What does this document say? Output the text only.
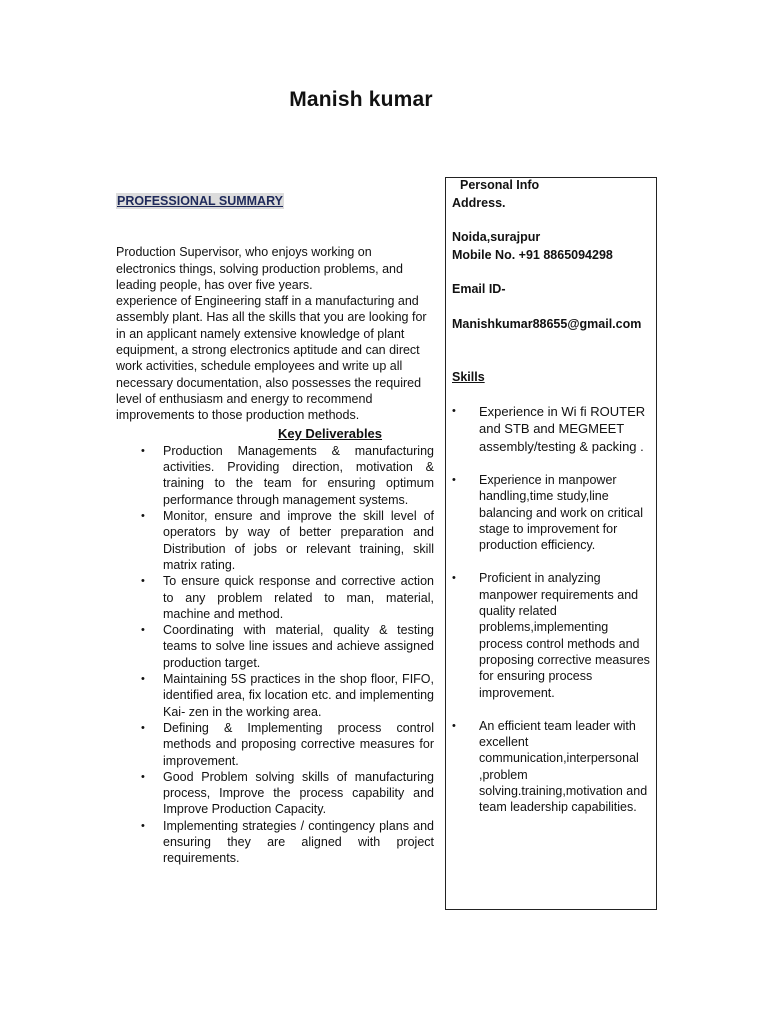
Manish kumar
PROFESSIONAL SUMMARY

Production Supervisor, who enjoys working on electronics things, solving production problems, and leading people, has over five years.

experience of Engineering staff in a manufacturing and assembly plant. Has all the skills that you are looking for in an applicant namely extensive knowledge of plant equipment, a strong electronics aptitude and can direct work activities, schedule employees and write up all necessary documentation, also possesses the required level of enthusiasm and energy to recommend improvements to those production methods.

Key Deliverables
• Production Managements & manufacturing activities. Providing direction, motivation & training to the team for ensuring optimum performance through management systems.
• Monitor, ensure and improve the skill level of operators by way of better preparation and Distribution of jobs or relevant training, skill matrix rating.
• To ensure quick response and corrective action to any problem related to man, material, machine and method.
• Coordinating with material, quality & testing teams to solve line issues and achieve assigned production target.
• Maintaining 5S practices in the shop floor, FIFO, identified area, fix location etc. and implementing Kai- zen in the working area.
• Defining & Implementing process control methods and proposing corrective measures for improvement.
• Good Problem solving skills of manufacturing process, Improve the process capability and Improve Production Capacity.
• Implementing strategies / contingency plans and ensuring they are aligned with project requirements.
Personal Info
Address.
Noida,surajpur
Mobile No. +91 8865094298
Email ID-
Manishkumar88655@gmail.com
Skills
• Experience in Wi fi ROUTER and STB and MEGMEET assembly/testing & packing .
• Experience in manpower handling,time study,line balancing and work on critical stage to improvement for production efficiency.
• Proficient in analyzing manpower requirements and quality related problems,implementing process control methods and proposing corrective measures for ensuring process improvement.
• An efficient team leader with excellent communication,interpersonal ,problem solving.training,motivation and team leadership capabilities.
